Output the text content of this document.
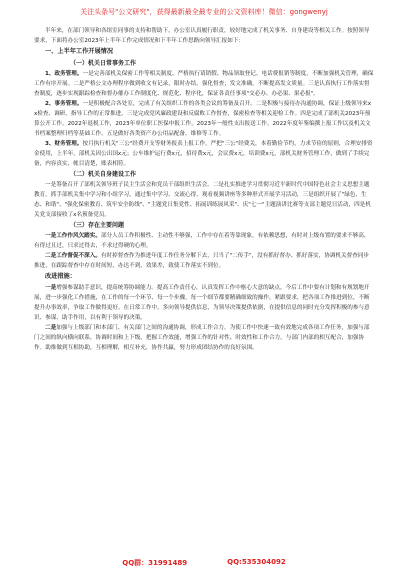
关注头条号"公文研究"，获得最新最全最专业的公文资料库！微信：gongwenyj

半年来，在部门领导和各组室同事的支持和帮助下，办公室认真履行职责，较好地完成了机关事务、自身建设等相关工作。按照领导要求，下面将办公室2023年上半年工作完成情况和下半年工作思路向领导汇报如下：

一、上半年工作开展情况

（一）机关日常事务工作

1、政务管理。一是完善部机关保密工作等相关制度。严格执行请销假、物品领取登记、电话费报销等制度，不断加强机关管理，确保工作有序开展。二是严格公文办理程序做到收文有记录，限时办结，强化督查；发文准确，不断提高发文质量。三是认真执行工作落实督查制度，逐步实现跟踪检查和督办催办工作制度化、规范化、程序化，保证各责任事项"交必办、办必果、果必报"。

2、事务管理。一是积极配合各处室，完成了有关组织工作的各类会议的筹备及召开。二是积极与接待办沟通协调，保证上级领导来xx检查、调研、指导工作的正常推进。三是完成党风廉政建设和反腐败工作督查，保密检查等相关迎检工作。四是完成了部机关2023年预算公开工作。2022年退税工作，2023年单位职工医保申报工作，2023年一般性支出报送工作。2022年度年鉴编撰上报工作以及机关文书档案整理归档等基础工作。五是做好各类资产办公用品配备、维修等工作。

3、财务管理。按月执行机关"三公"经费开支等财务报表上报工作，严把"三公"经费关，本着勤俭节约，力求节俭的原则，合理安排资金使用，上半年，部机关因公出国x元；公车维护运行费x元，招待费x元，会议费x元，培训费x元，部机关财务管理工作，做到了手续完备，内容真实，帐目清楚，账表相符。

（二）机关自身建设工作

一是筹备召开了部机关领导班子民主生活会和党员干部组织生活会。二是扎实推进学习贯彻习近平新时代中国特色社会主义思想主题教育。抓手部机关集中学习和小组学习，通过集中学习、交流心得、观看视频讲座等多种形式开展学习活动，三是组织开展了"绿色、生态、和谐"、"强化保密教育、筑牢安全防线"、"主题党日集党性、拓展训练展风采"、庆"七一"主题演讲比赛等支部主题党日活动，四是机关党支部接收了x名预备党员。

（三）存在主要问题

一是工作作风欠踏实。部分人员工作积极性、主动性不够强，工作中存在着等靠现象，有依赖思想，有时对上级布置的要求不够高，有得过且过，只求过得去，不求过得硬的心理。

二是工作督促不深入。有时掉督查作为推进年度工作任务分解下去，只当了"二传手"，没有抓好督办、抓好落实，协调机关督查同步推进，在跟踪督查中存在时间短，办达不到，效果差，致使工作落实不到位。

改进措施：

一是增强参谋助手意识，提高统筹协调能力。提高工作责任心，认真发挥工作中枢心大意的缺点，今后工作中要有计划和有规划地开展，进一步强化工作措施，在工作的每一个环节、每一个步骤，每一个细节都要精确细致的操作，紧跟要求，把各项工作推进到位，不断提升办事效率，争取工作做得更好。在日常工作中，多向领导提供信息，为领导决策提供依据，在提供信息的同时充分发挥积极的参与意识、参谋、助手作用，以有利于领导的决策。

二是加强与上级部门和本部门、有关部门之间的沟通协调，形成工作合力。为使工作中快速一致有效地完成各项工作任务，加强与部门之间的纵向横向联系，协调时间和上下级，把握工作效能，增强工作的针对性、时效性和工作合力，与部门内部的相互配合，加强协作。助推做到互相协助，互相理解，相互补充，协作共赢，努力形成团结协作的良好氛围。

QQ群：31991489	QQ:535304092
